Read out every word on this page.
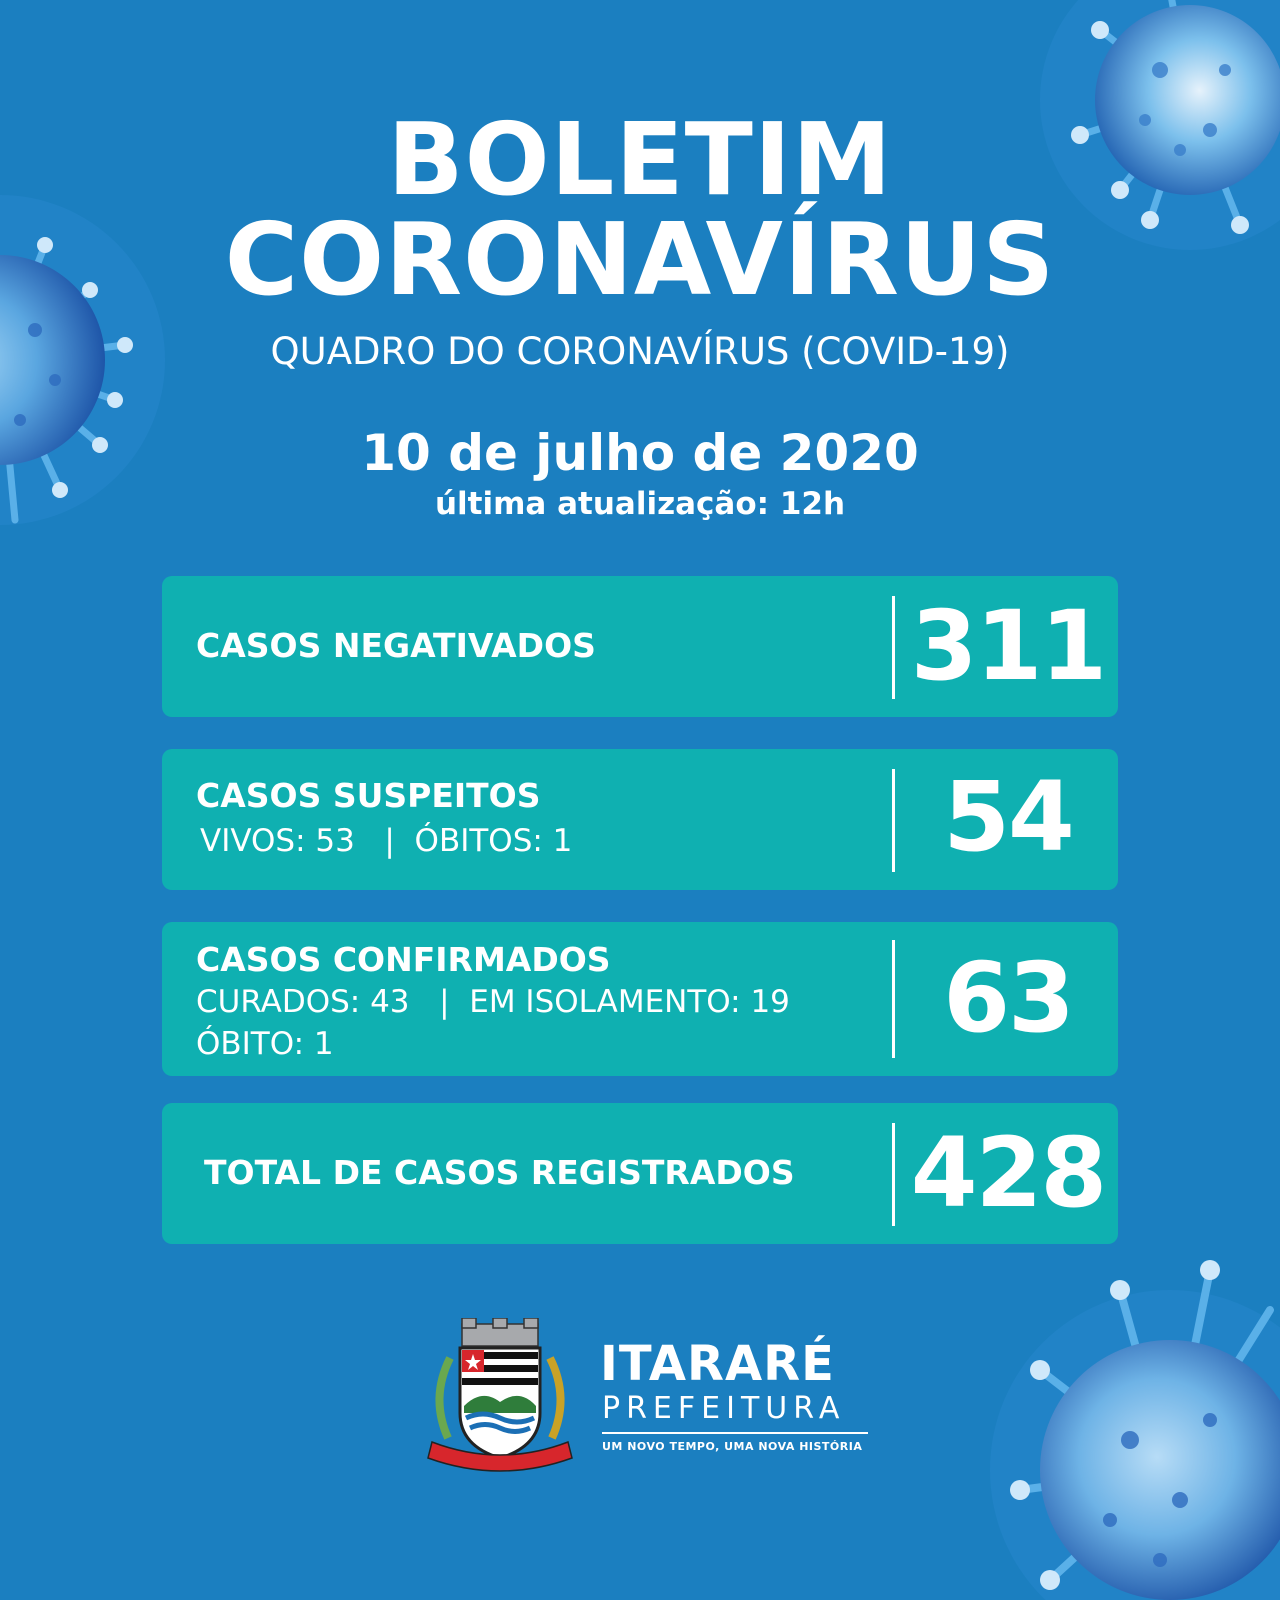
BOLETIM
CORONAVÍRUS
QUADRO DO CORONAVÍRUS (COVID-19)
10 de julho de 2020
última atualização: 12h
CASOS NEGATIVADOS	311
CASOS SUSPEITOS
VIVOS: 53   |  ÓBITOS: 1	54
CASOS CONFIRMADOS
CURADOS: 43   |  EM ISOLAMENTO: 19
ÓBITO: 1	63
TOTAL DE CASOS REGISTRADOS 428
ITARARÉ
PREFEITURA
UM NOVO TEMPO, UMA NOVA HISTÓRIA
